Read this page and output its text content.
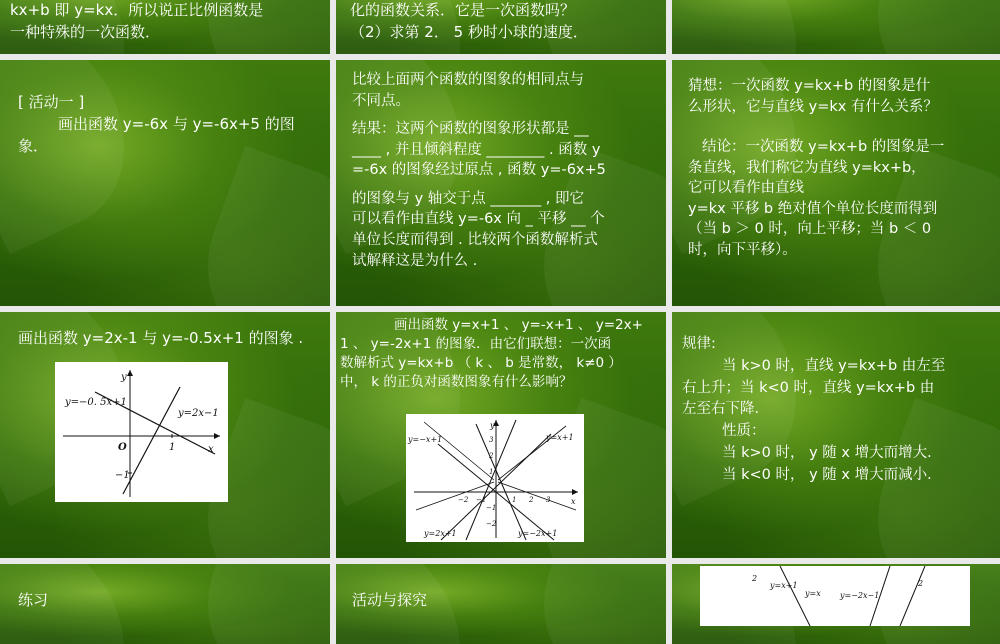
kx+b 即 y=kx．所以说正比例函数是

一种特殊的一次函数．

化的函数关系．它是一次函数吗？

（2）求第 2． 5 秒时小球的速度．

[ 活动一 ]

画出函数 y=-6x 与 y=-6x+5 的图

象．

比较上面两个函数的图象的相同点与

不同点。

结果：这两个函数的图象形状都是 __

____ , 并且倾斜程度 ________ . 函数 y

=-6x 的图象经过原点 , 函数 y=-6x+5

的图象与 y 轴交于点 _______ , 即它

可以看作由直线 y=-6x 向 _ 平移 __ 个

单位长度而得到 . 比较两个函数解析式

试解释这是为什么 .

猜想：一次函数 y=kx+b 的图象是什

么形状，它与直线 y=kx 有什么关系？

结论：一次函数 y=kx+b 的图象是一

条直线，我们称它为直线 y=kx+b，

它可以看作由直线

y=kx 平移 b 绝对值个单位长度而得到

（当 b ＞ 0 时，向上平移；当 b ＜ 0

时，向下平移）。

画出函数 y=2x-1 与 y=-0.5x+1 的图象 .

y=−0. 5x+1
y=2x−1
y
x
O	1
−1

画出函数 y=x+1 、 y=-x+1 、 y=2x+

1 、 y=-2x+1 的图象．由它们联想：一次函

数解析式 y=kx+b （ k 、 b 是常数， k≠0 ）

中， k 的正负对函数图象有什么影响？

y=−x+1	y=x+1
y=2x+1	y=−2x+1
y
x
−2 −1	1 2 3
3
2
1
−1
−2

规律:

当 k>0 时，直线 y=kx+b 由左至

右上升；当 k<0 时，直线 y=kx+b 由

左至右下降．

性质：

当 k>0 时， y 随 x 增大而增大．

当 k<0 时， y 随 x 增大而减小．

练习	活动与探究

2
y=x+1
y=x y=−2x−1
2
